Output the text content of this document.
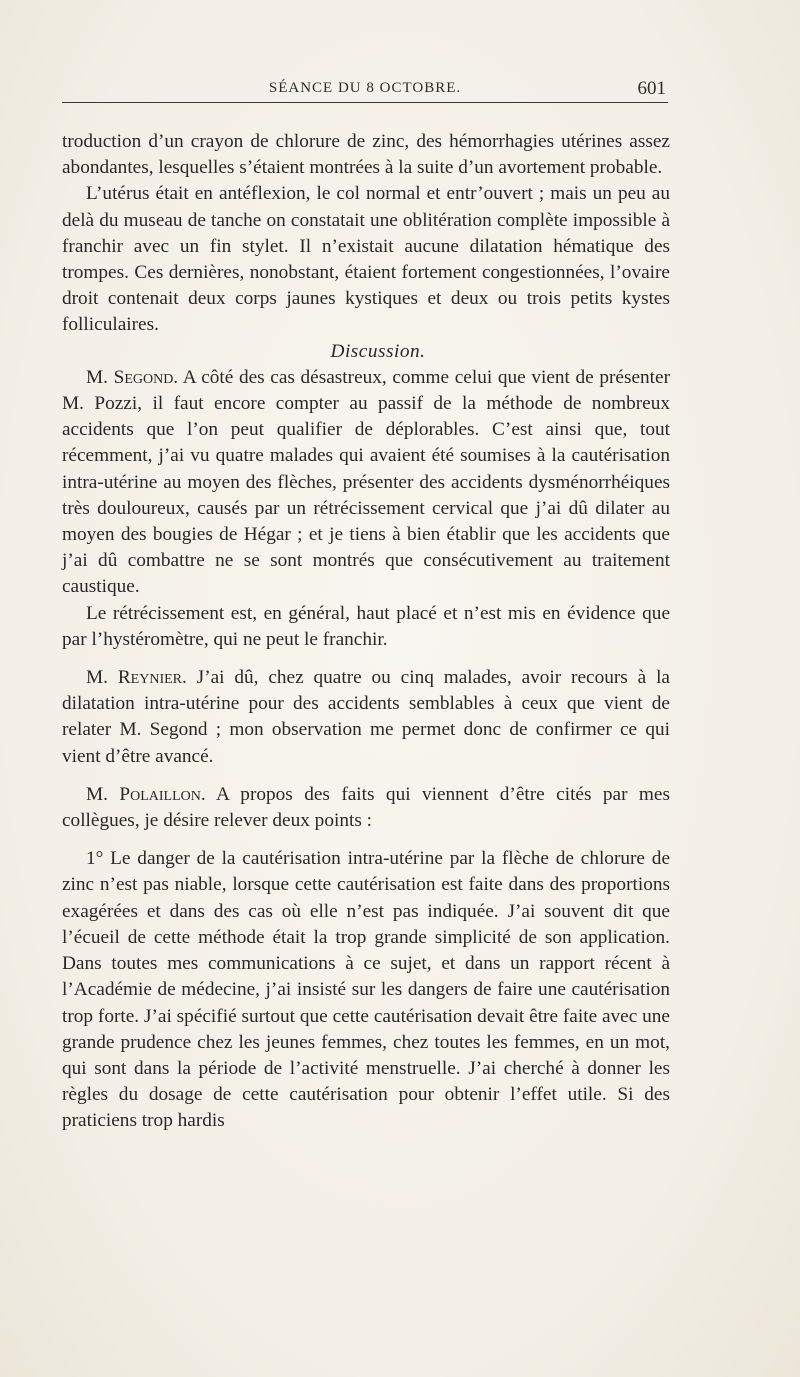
SÉANCE DU 8 OCTOBRE.	601

troduction d’un crayon de chlorure de zinc, des hémorrhagies utérines assez abondantes, lesquelles s’étaient montrées à la suite d’un avortement probable.

L’utérus était en antéflexion, le col normal et entr’ouvert ; mais un peu au delà du museau de tanche on constatait une oblitération complète impossible à franchir avec un fin stylet. Il n’existait aucune dilatation hématique des trompes. Ces dernières, nonobstant, étaient fortement congestionnées, l’ovaire droit contenait deux corps jaunes kystiques et deux ou trois petits kystes folliculaires.

Discussion.

M. Segond. A côté des cas désastreux, comme celui que vient de présenter M. Pozzi, il faut encore compter au passif de la méthode de nombreux accidents que l’on peut qualifier de déplorables. C’est ainsi que, tout récemment, j’ai vu quatre malades qui avaient été soumises à la cautérisation intra-utérine au moyen des flèches, présenter des accidents dysménorrhéiques très douloureux, causés par un rétrécissement cervical que j’ai dû dilater au moyen des bougies de Hégar ; et je tiens à bien établir que les accidents que j’ai dû combattre ne se sont montrés que consécutivement au traitement caustique.

Le rétrécissement est, en général, haut placé et n’est mis en évidence que par l’hystéromètre, qui ne peut le franchir.

M. Reynier. J’ai dû, chez quatre ou cinq malades, avoir recours à la dilatation intra-utérine pour des accidents semblables à ceux que vient de relater M. Segond ; mon observation me permet donc de confirmer ce qui vient d’être avancé.

M. Polaillon. A propos des faits qui viennent d’être cités par mes collègues, je désire relever deux points :

1° Le danger de la cautérisation intra-utérine par la flèche de chlorure de zinc n’est pas niable, lorsque cette cautérisation est faite dans des proportions exagérées et dans des cas où elle n’est pas indiquée. J’ai souvent dit que l’écueil de cette méthode était la trop grande simplicité de son application. Dans toutes mes communications à ce sujet, et dans un rapport récent à l’Académie de médecine, j’ai insisté sur les dangers de faire une cautérisation trop forte. J’ai spécifié surtout que cette cautérisation devait être faite avec une grande prudence chez les jeunes femmes, chez toutes les femmes, en un mot, qui sont dans la période de l’activité menstruelle. J’ai cherché à donner les règles du dosage de cette cautérisation pour obtenir l’effet utile. Si des praticiens trop hardis
